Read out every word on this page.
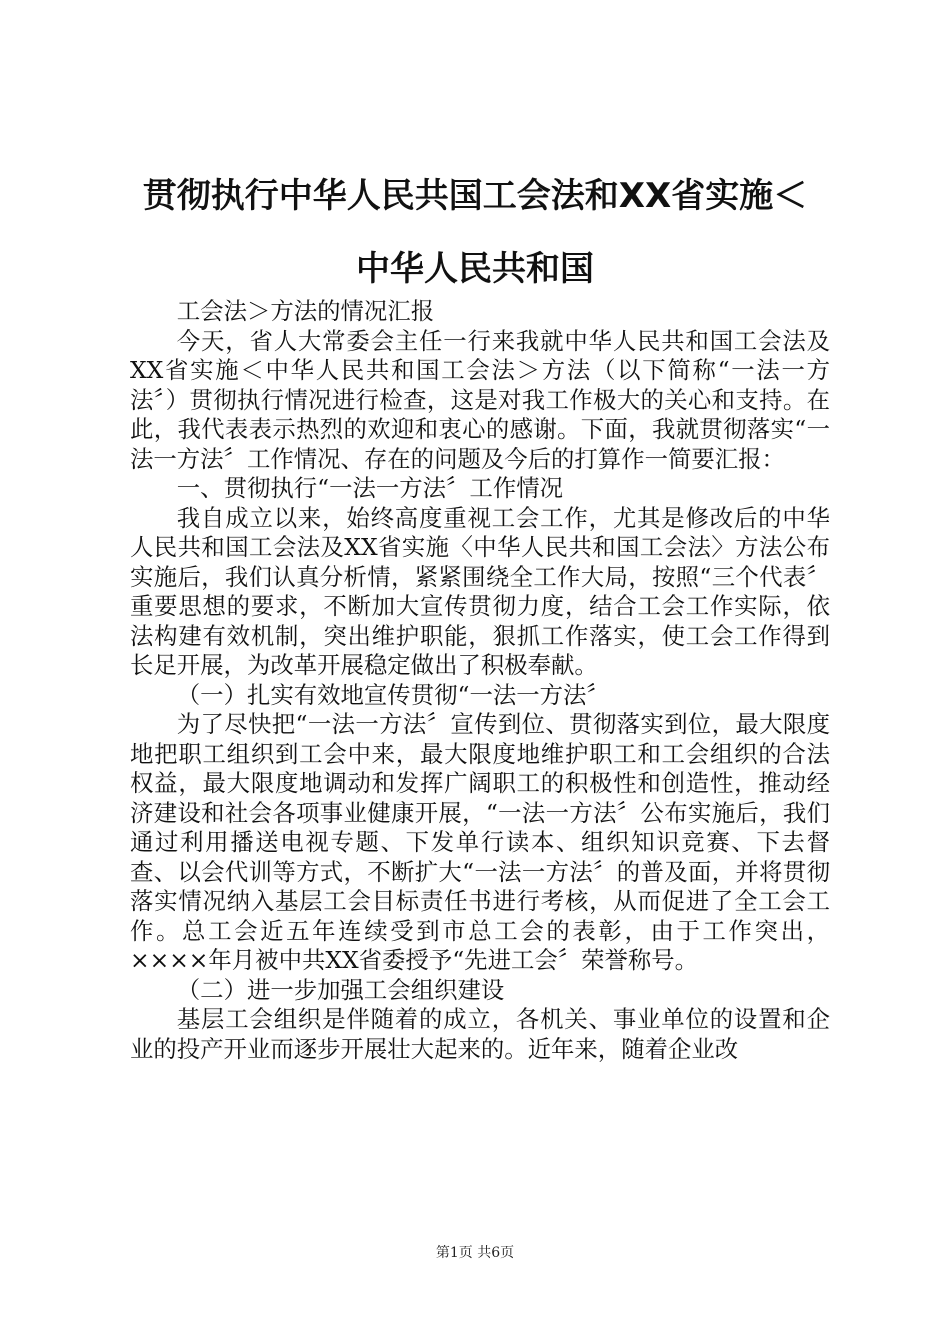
贯彻执行中华人民共国工会法和XX省实施＜
中华人民共和国

工会法＞方法的情况汇报

今天，省人大常委会主任一行来我就中华人民共和国工会法及XX省实施＜中华人民共和国工会法＞方法（以下简称“一法一方法〞）贯彻执行情况进行检查，这是对我工作极大的关心和支持。在此，我代表表示热烈的欢迎和衷心的感谢。下面，我就贯彻落实“一法一方法〞工作情况、存在的问题及今后的打算作一简要汇报：

一、贯彻执行“一法一方法〞工作情况

我自成立以来，始终高度重视工会工作，尤其是修改后的中华人民共和国工会法及XX省实施〈中华人民共和国工会法〉方法公布实施后，我们认真分析情，紧紧围绕全工作大局，按照“三个代表〞重要思想的要求，不断加大宣传贯彻力度，结合工会工作实际，依法构建有效机制，突出维护职能，狠抓工作落实，使工会工作得到长足开展，为改革开展稳定做出了积极奉献。

（一）扎实有效地宣传贯彻“一法一方法〞

为了尽快把“一法一方法〞宣传到位、贯彻落实到位，最大限度地把职工组织到工会中来，最大限度地维护职工和工会组织的合法权益，最大限度地调动和发挥广阔职工的积极性和创造性，推动经济建设和社会各项事业健康开展，“一法一方法〞公布实施后，我们通过利用播送电视专题、下发单行读本、组织知识竞赛、下去督查、以会代训等方式，不断扩大“一法一方法〞的普及面，并将贯彻落实情况纳入基层工会目标责任书进行考核，从而促进了全工会工作。总工会近五年连续受到市总工会的表彰，由于工作突出，××××年月被中共XX省委授予“先进工会〞荣誉称号。

（二）进一步加强工会组织建设

基层工会组织是伴随着的成立，各机关、事业单位的设置和企业的投产开业而逐步开展壮大起来的。近年来，随着企业改

第1页 共6页
